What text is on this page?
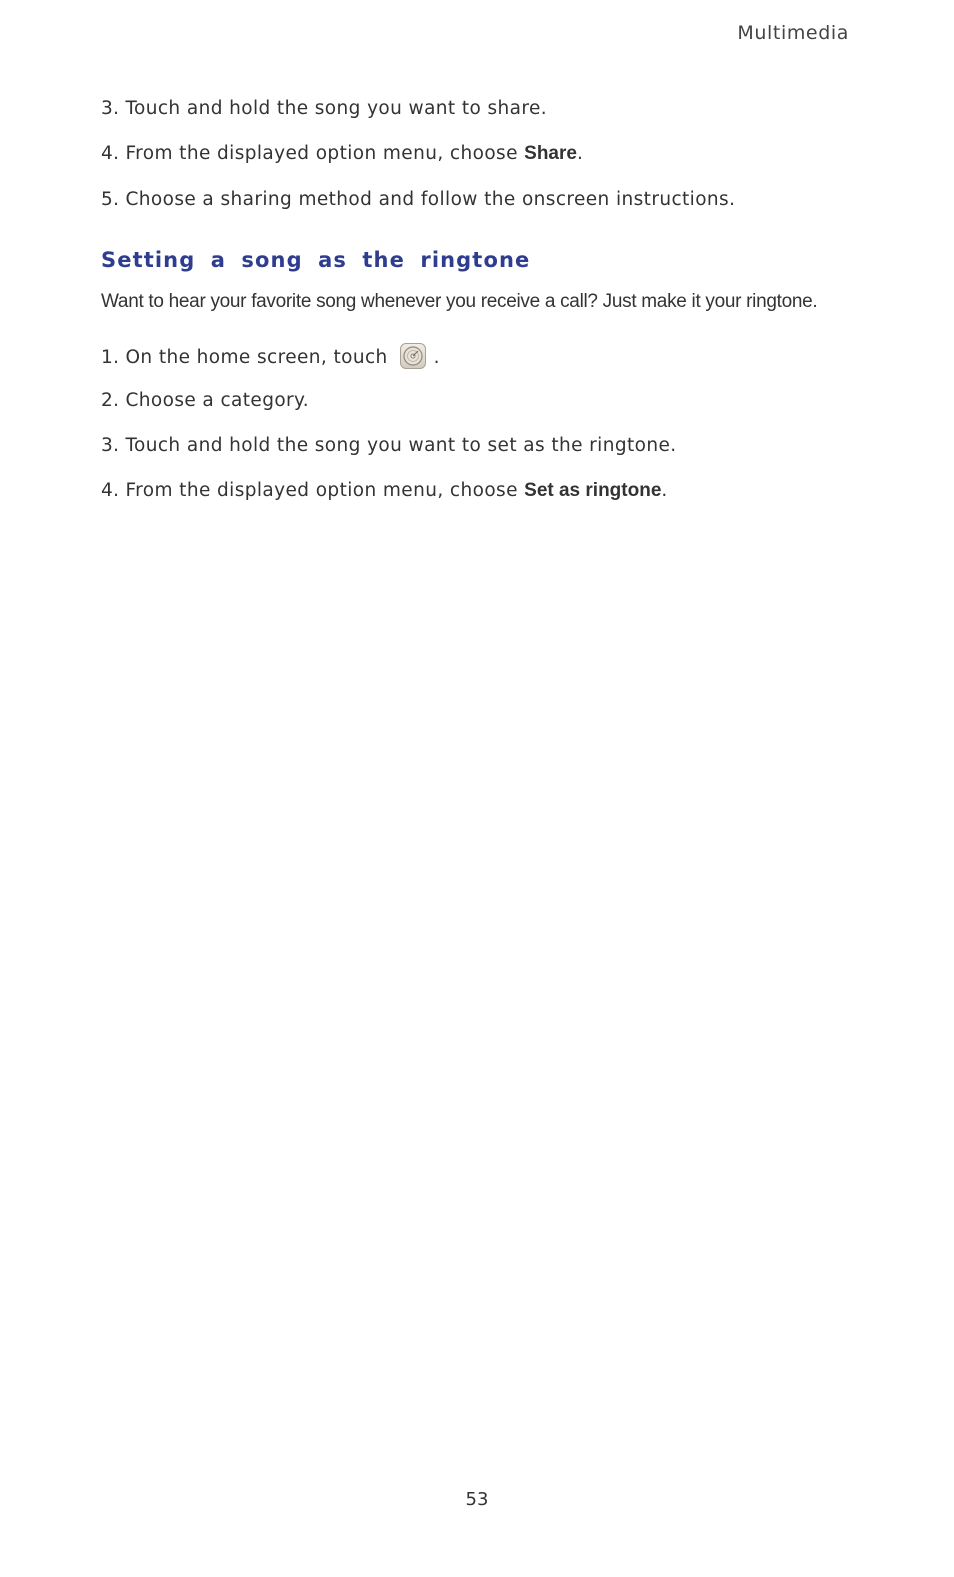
Multimedia
3. Touch and hold the song you want to share.
4. From the displayed option menu, choose Share.
5. Choose a sharing method and follow the onscreen instructions.
Setting a song as the ringtone
Want to hear your favorite song whenever you receive a call? Just make it your ringtone.
1. On the home screen, touch .
2. Choose a category.
3. Touch and hold the song you want to set as the ringtone.
4. From the displayed option menu, choose Set as ringtone.
53
